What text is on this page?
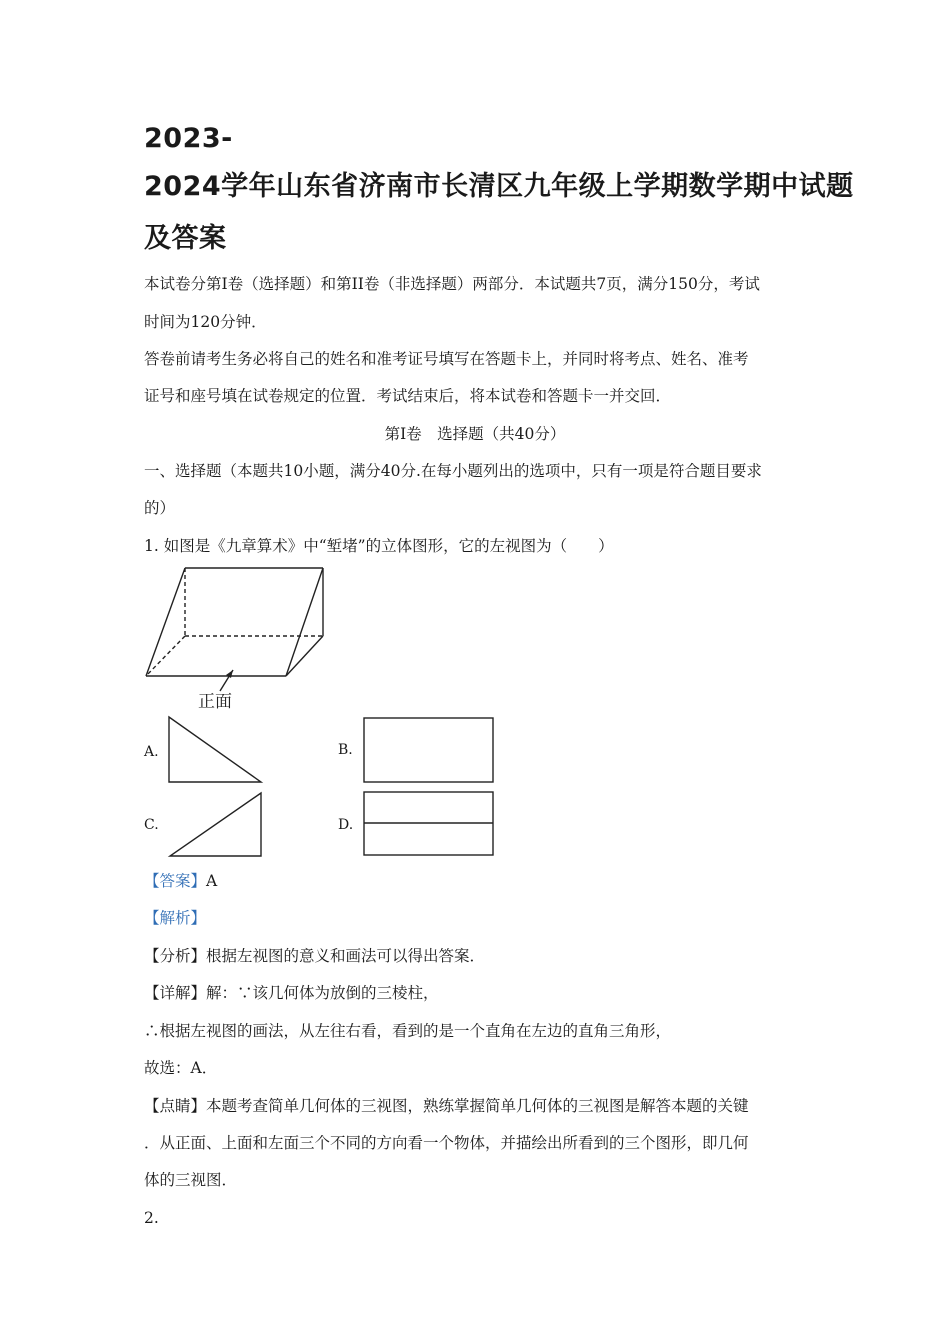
2023-
2024学年山东省济南市长清区九年级上学期数学期中试题
及答案
本试卷分第I卷（选择题）和第II卷（非选择题）两部分．本试题共7页，满分150分，考试
时间为120分钟．
答卷前请考生务必将自己的姓名和准考证号填写在答题卡上，并同时将考点、姓名、准考
证号和座号填在试卷规定的位置．考试结束后，将本试卷和答题卡一并交回．
第I卷　选择题（共40分）
一、选择题（本题共10小题，满分40分.在每小题列出的选项中，只有一项是符合题目要求
的）
1. 如图是《九章算术》中“堑堵”的立体图形，它的左视图为（　　）
正面
A.	B.
C.	D.
【答案】A
【解析】
【分析】根据左视图的意义和画法可以得出答案．
【详解】解：∵该几何体为放倒的三棱柱，
∴根据左视图的画法，从左往右看，看到的是一个直角在左边的直角三角形，
故选：A．
【点睛】本题考查简单几何体的三视图，熟练掌握简单几何体的三视图是解答本题的关键
．从正面、上面和左面三个不同的方向看一个物体，并描绘出所看到的三个图形，即几何
体的三视图．
2.
